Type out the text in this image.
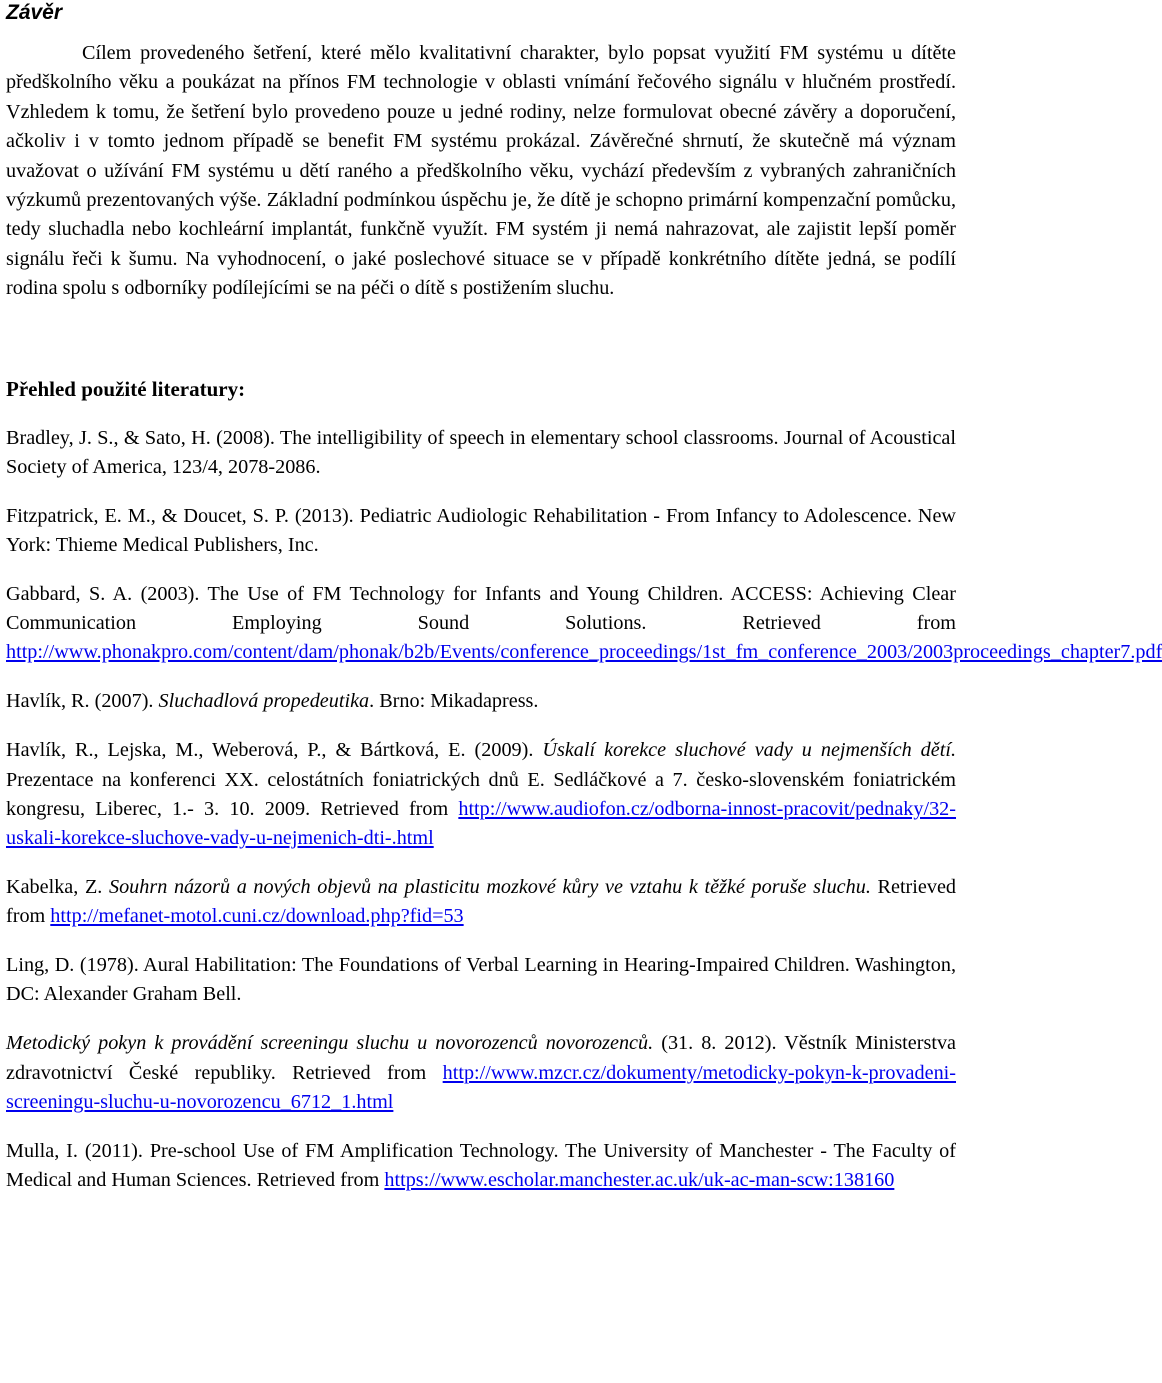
Závěr

Cílem provedeného šetření, které mělo kvalitativní charakter, bylo popsat využití FM systému u dítěte předškolního věku a poukázat na přínos FM technologie v oblasti vnímání řečového signálu v hlučném prostředí. Vzhledem k tomu, že šetření bylo provedeno pouze u jedné rodiny, nelze formulovat obecné závěry a doporučení, ačkoliv i v tomto jednom případě se benefit FM systému prokázal. Závěrečné shrnutí, že skutečně má význam uvažovat o užívání FM systému u dětí raného a předškolního věku, vychází především z vybraných zahraničních výzkumů prezentovaných výše. Základní podmínkou úspěchu je, že dítě je schopno primární kompenzační pomůcku, tedy sluchadla nebo kochleární implantát, funkčně využít. FM systém ji nemá nahrazovat, ale zajistit lepší poměr signálu řeči k šumu. Na vyhodnocení, o jaké poslechové situace se v případě konkrétního dítěte jedná, se podílí rodina spolu s odborníky podílejícími se na péči o dítě s postižením sluchu.

Přehled použité literatury:

Bradley, J. S., & Sato, H. (2008). The intelligibility of speech in elementary school classrooms. Journal of Acoustical Society of America, 123/4, 2078-2086.

Fitzpatrick, E. M., & Doucet, S. P. (2013). Pediatric Audiologic Rehabilitation - From Infancy to Adolescence. New York: Thieme Medical Publishers, Inc.

Gabbard, S. A. (2003). The Use of FM Technology for Infants and Young Children. ACCESS: Achieving Clear Communication Employing Sound Solutions. Retrieved from http://www.phonakpro.com/content/dam/phonak/b2b/Events/conference_proceedings/1st_fm_conference_2003/2003proceedings_chapter7.pdf

Havlík, R. (2007). Sluchadlová propedeutika. Brno: Mikadapress.

Havlík, R., Lejska, M., Weberová, P., & Bártková, E. (2009). Úskalí korekce sluchové vady u nejmenších dětí. Prezentace na konferenci XX. celostátních foniatrických dnů E. Sedláčkové a 7. česko-slovenském foniatrickém kongresu, Liberec, 1.- 3. 10. 2009. Retrieved from http://www.audiofon.cz/odborna-innost-pracovit/pednaky/32-uskali-korekce-sluchove-vady-u-nejmenich-dti-.html

Kabelka, Z. Souhrn názorů a nových objevů na plasticitu mozkové kůry ve vztahu k těžké poruše sluchu. Retrieved from http://mefanet-motol.cuni.cz/download.php?fid=53

Ling, D. (1978). Aural Habilitation: The Foundations of Verbal Learning in Hearing-Impaired Children. Washington, DC: Alexander Graham Bell.

Metodický pokyn k provádění screeningu sluchu u novorozenců novorozenců. (31. 8. 2012). Věstník Ministerstva zdravotnictví České republiky. Retrieved from http://www.mzcr.cz/dokumenty/metodicky-pokyn-k-provadeni-screeningu-sluchu-u-novorozencu_6712_1.html

Mulla, I. (2011). Pre-school Use of FM Amplification Technology. The University of Manchester - The Faculty of Medical and Human Sciences. Retrieved from https://www.escholar.manchester.ac.uk/uk-ac-man-scw:138160
